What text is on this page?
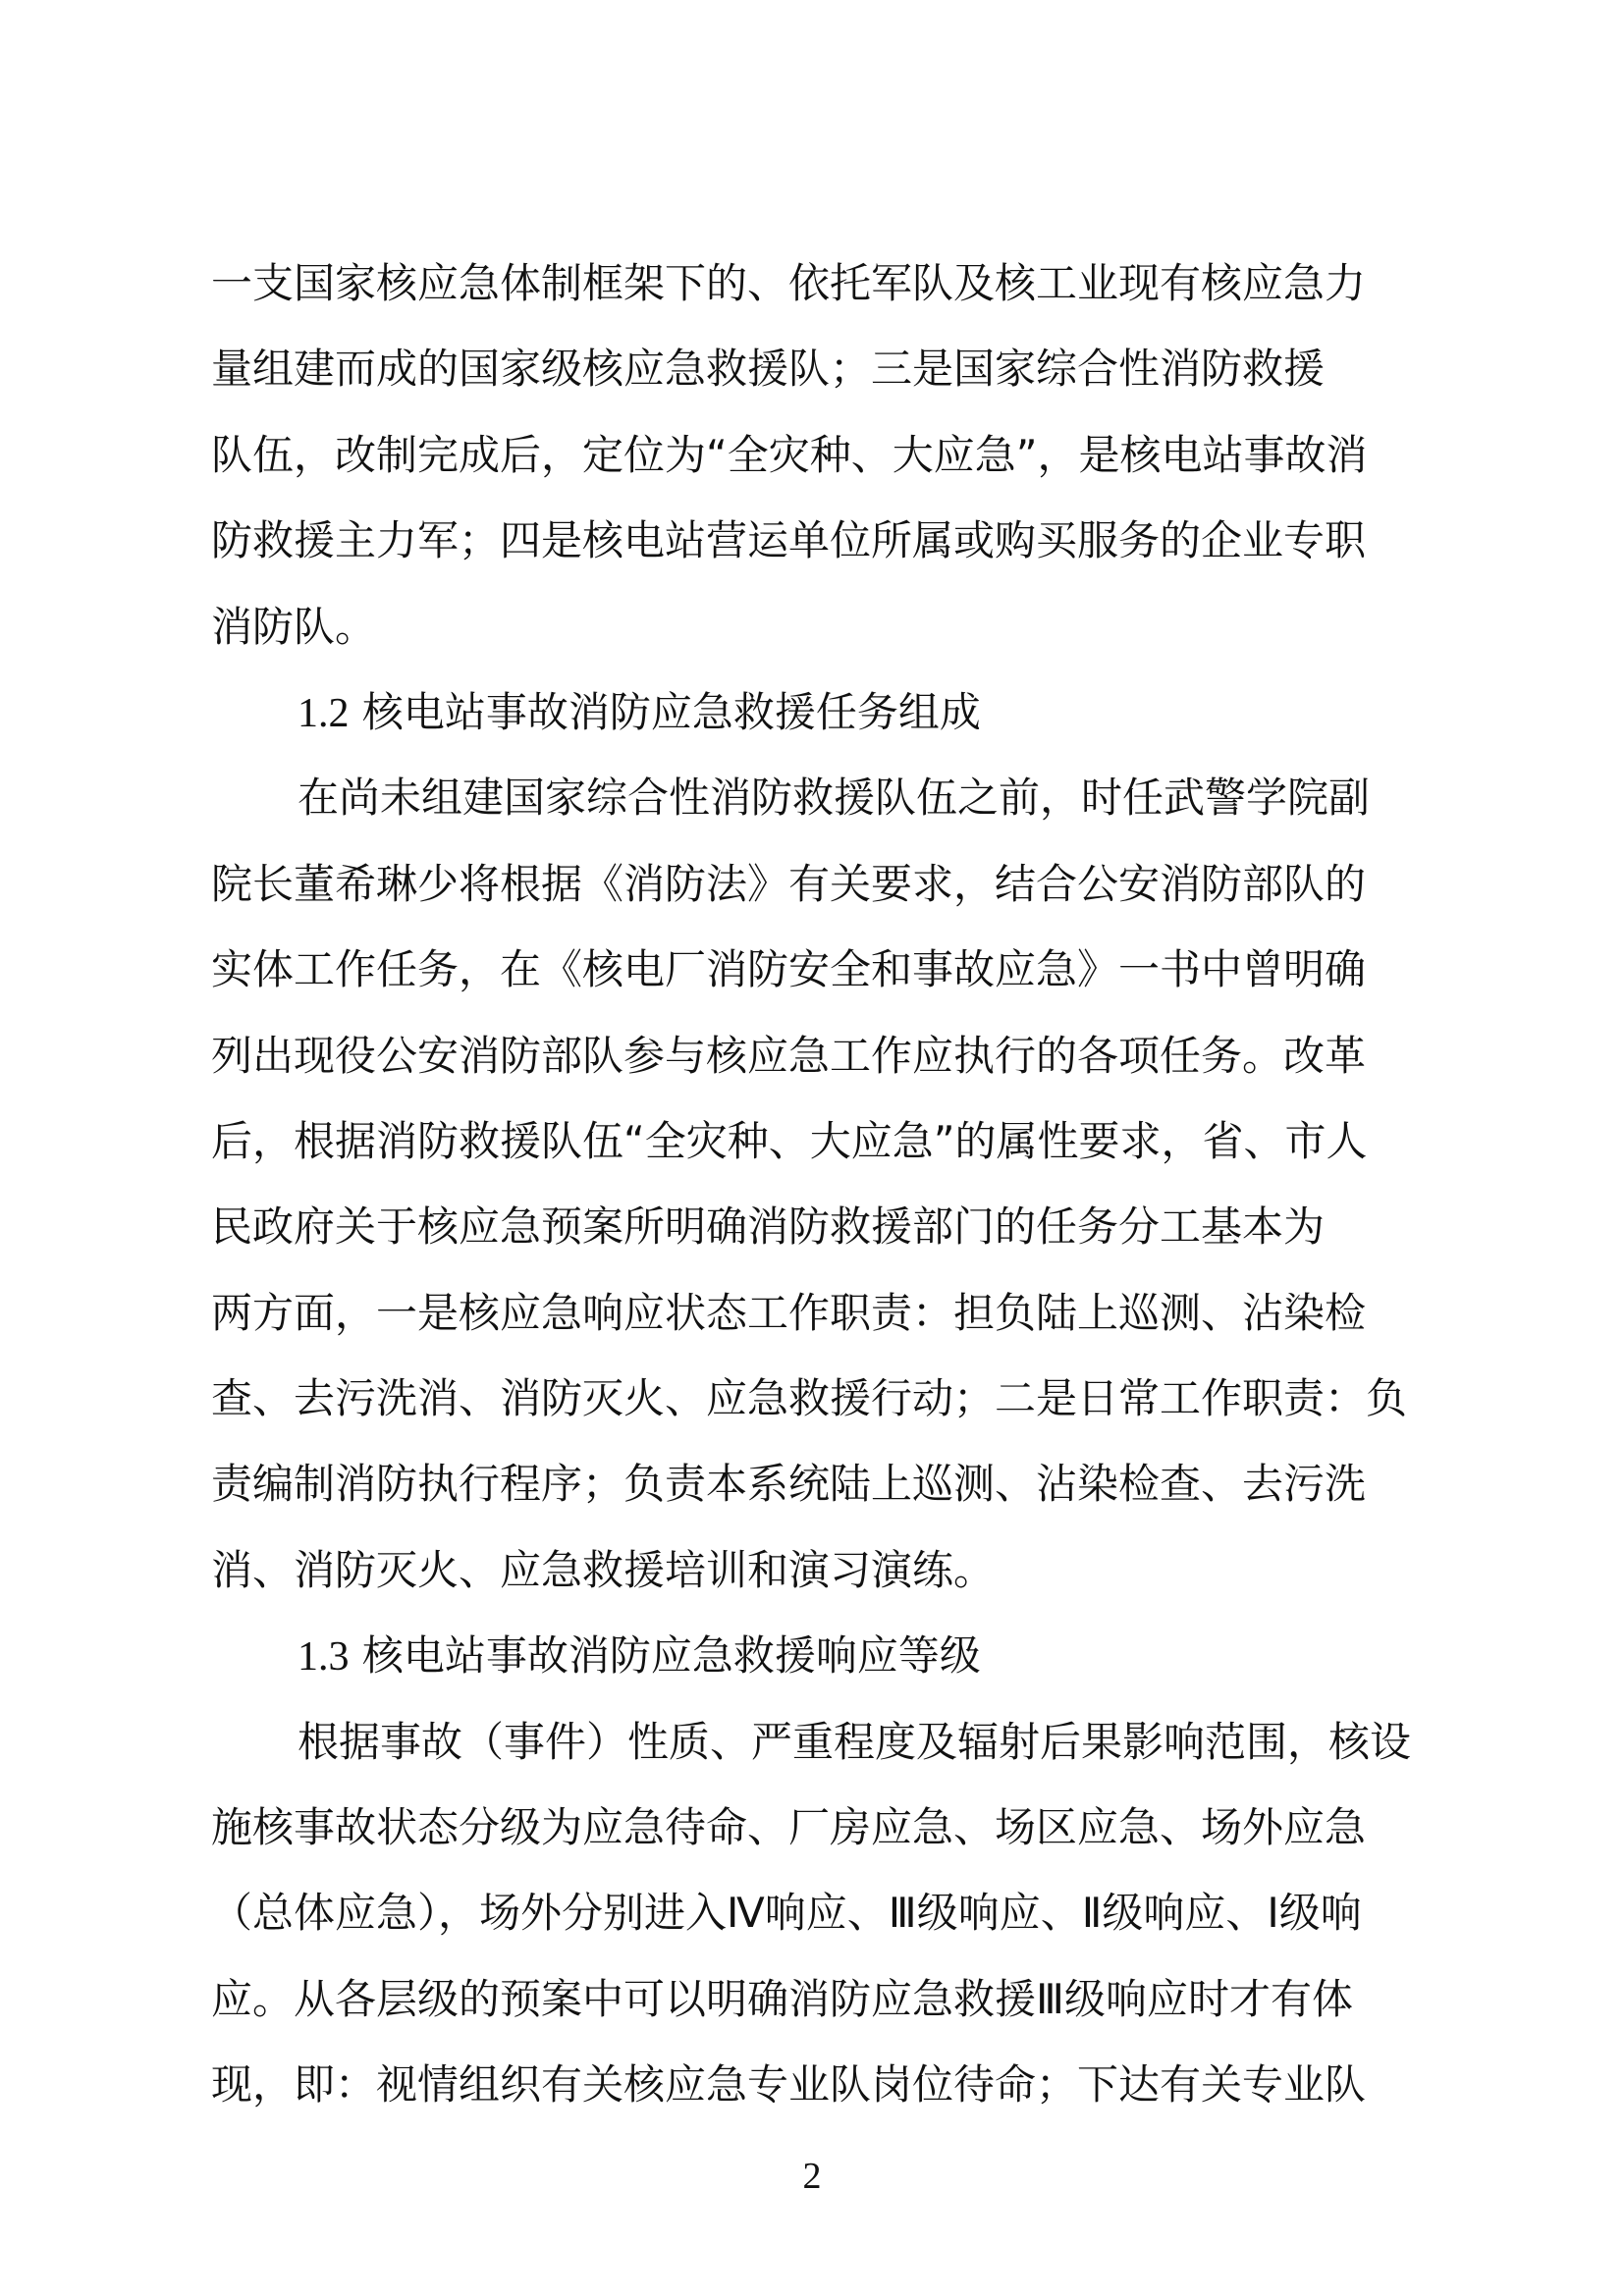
一支国家核应急体制框架下的、依托军队及核工业现有核应急力
量组建而成的国家级核应急救援队；三是国家综合性消防救援
队伍，改制完成后，定位为“全灾种、大应急”，是核电站事故消
防救援主力军；四是核电站营运单位所属或购买服务的企业专职
消防队。
1.2 核电站事故消防应急救援任务组成
在尚未组建国家综合性消防救援队伍之前，时任武警学院副
院长董希琳少将根据《消防法》有关要求，结合公安消防部队的
实体工作任务，在《核电厂消防安全和事故应急》一书中曾明确
列出现役公安消防部队参与核应急工作应执行的各项任务。改革
后，根据消防救援队伍“全灾种、大应急”的属性要求，省、市人
民政府关于核应急预案所明确消防救援部门的任务分工基本为
两方面，一是核应急响应状态工作职责：担负陆上巡测、沾染检
查、去污洗消、消防灭火、应急救援行动；二是日常工作职责：负
责编制消防执行程序；负责本系统陆上巡测、沾染检查、去污洗
消、消防灭火、应急救援培训和演习演练。
1.3 核电站事故消防应急救援响应等级
根据事故（事件）性质、严重程度及辐射后果影响范围，核设
施核事故状态分级为应急待命、厂房应急、场区应急、场外应急
（总体应急），场外分别进入Ⅳ响应、Ⅲ级响应、Ⅱ级响应、Ⅰ级响
应。从各层级的预案中可以明确消防应急救援Ⅲ级响应时才有体
现，即：视情组织有关核应急专业队岗位待命；下达有关专业队
2
